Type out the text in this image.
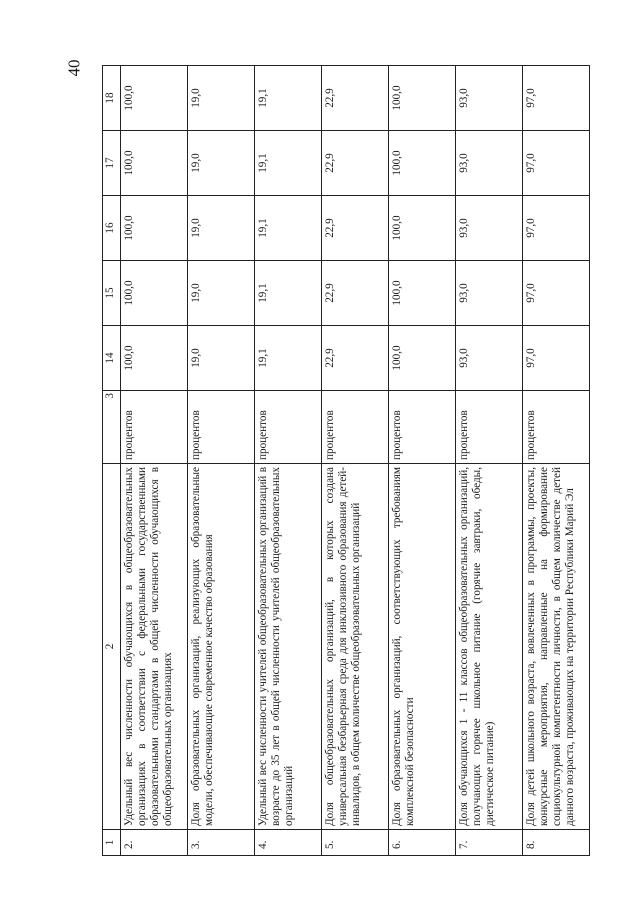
40
1	2	3	14	15	16	17	18
2.	Удельный вес численности обучающихся в общеобразовательных организациях в соответствии с федеральными государственными образовательными стандартами в общей численности обучающихся в общеобразовательных организациях	процентов	100,0	100,0	100,0	100,0	100,0
3.	Доля образовательных организаций, реализующих образовательные модели, обеспечивающие современное качество образования	процентов	19,0	19,0	19,0	19,0	19,0
4.	Удельный вес численности учителей общеобразовательных организаций в возрасте до 35 лет в общей численности учителей общеобразовательных организаций	процентов	19,1	19,1	19,1	19,1	19,1
5.	Доля общеобразовательных организаций, в которых создана универсальная безбарьерная среда для инклюзивного образования детей-инвалидов, в общем количестве общеобразовательных организаций	процентов	22,9	22,9	22,9	22,9	22,9
6.	Доля образовательных организаций, соответствующих требованиям комплексной безопасности	процентов	100,0	100,0	100,0	100,0	100,0
7.	Доля обучающихся 1 - 11 классов общеобразовательных организаций, получающих горячее школьное питание (горячие завтраки, обеды, диетическое питание)	процентов	93,0	93,0	93,0	93,0	93,0
8.	Доля детей школьного возраста, вовлеченных в программы, проекты, конкурсные мероприятия, направленные на формирование социокультурной компетентности личности, в общем количестве детей данного возраста, проживающих на территории Республики Марий Эл	процентов	97,0	97,0	97,0	97,0	97,0
